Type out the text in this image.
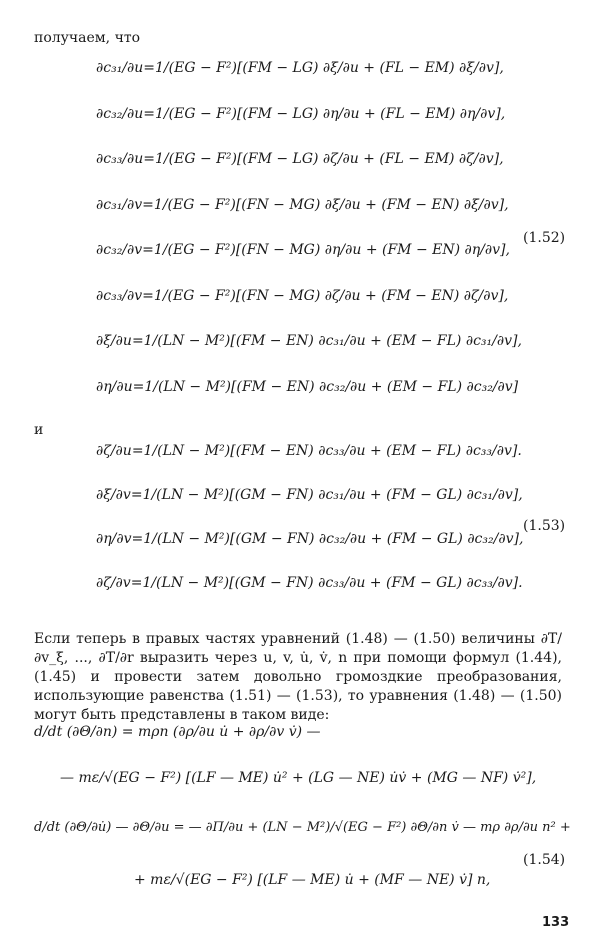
получаем, что
∂c₃₁/∂u = 1/(EG − F²) [(FM − LG) ∂ξ/∂u + (FL − EM) ∂ξ/∂v],
∂c₃₂/∂u = 1/(EG − F²) [(FM − LG) ∂η/∂u + (FL − EM) ∂η/∂v],
∂c₃₃/∂u = 1/(EG − F²) [(FM − LG) ∂ζ/∂u + (FL − EM) ∂ζ/∂v],
∂c₃₁/∂v = 1/(EG − F²) [(FN − MG) ∂ξ/∂u + (FM − EN) ∂ξ/∂v],
∂c₃₂/∂v = 1/(EG − F²) [(FN − MG) ∂η/∂u + (FM − EN) ∂η/∂v],
∂c₃₃/∂v = 1/(EG − F²) [(FN − MG) ∂ζ/∂u + (FM − EN) ∂ζ/∂v],
∂ξ/∂u = 1/(LN − M²) [(FM − EN) ∂c₃₁/∂u + (EM − FL) ∂c₃₁/∂v],
∂η/∂u = 1/(LN − M²) [(FM − EN) ∂c₃₂/∂u + (EM − FL) ∂c₃₂/∂v]
(1.52)
и
∂ζ/∂u = 1/(LN − M²) [(FM − EN) ∂c₃₃/∂u + (EM − FL) ∂c₃₃/∂v].
∂ξ/∂v = 1/(LN − M²) [(GM − FN) ∂c₃₁/∂u + (FM − GL) ∂c₃₁/∂v],
∂η/∂v = 1/(LN − M²) [(GM − FN) ∂c₃₂/∂u + (FM − GL) ∂c₃₂/∂v],
∂ζ/∂v = 1/(LN − M²) [(GM − FN) ∂c₃₃/∂u + (FM − GL) ∂c₃₃/∂v].
(1.53)
Если теперь в правых частях уравнений (1.48) — (1.50) величины ∂T/∂v_ξ, ..., ∂T/∂r выразить через u, v, u̇, v̇, n при помощи формул (1.44), (1.45) и провести затем довольно громоздкие преобразования, использующие равенства (1.51) — (1.53), то уравнения (1.48) — (1.50) могут быть представлены в таком виде:
d/dt (∂Θ/∂n) = mρn (∂ρ/∂u u̇ + ∂ρ/∂v v̇) —
— mε/√(EG − F²) [(LF — ME) u̇² + (LG — NE) u̇v̇ + (MG — NF) v̇²],
d/dt (∂Θ/∂u̇) — ∂Θ/∂u = — ∂Π/∂u + (LN − M²)/√(EG − F²) ∂Θ/∂n v̇ — mρ ∂ρ/∂u n² +
+ mε/√(EG − F²) [(LF — ME) u̇ + (MF — NE) v̇] n,
(1.54)
133
